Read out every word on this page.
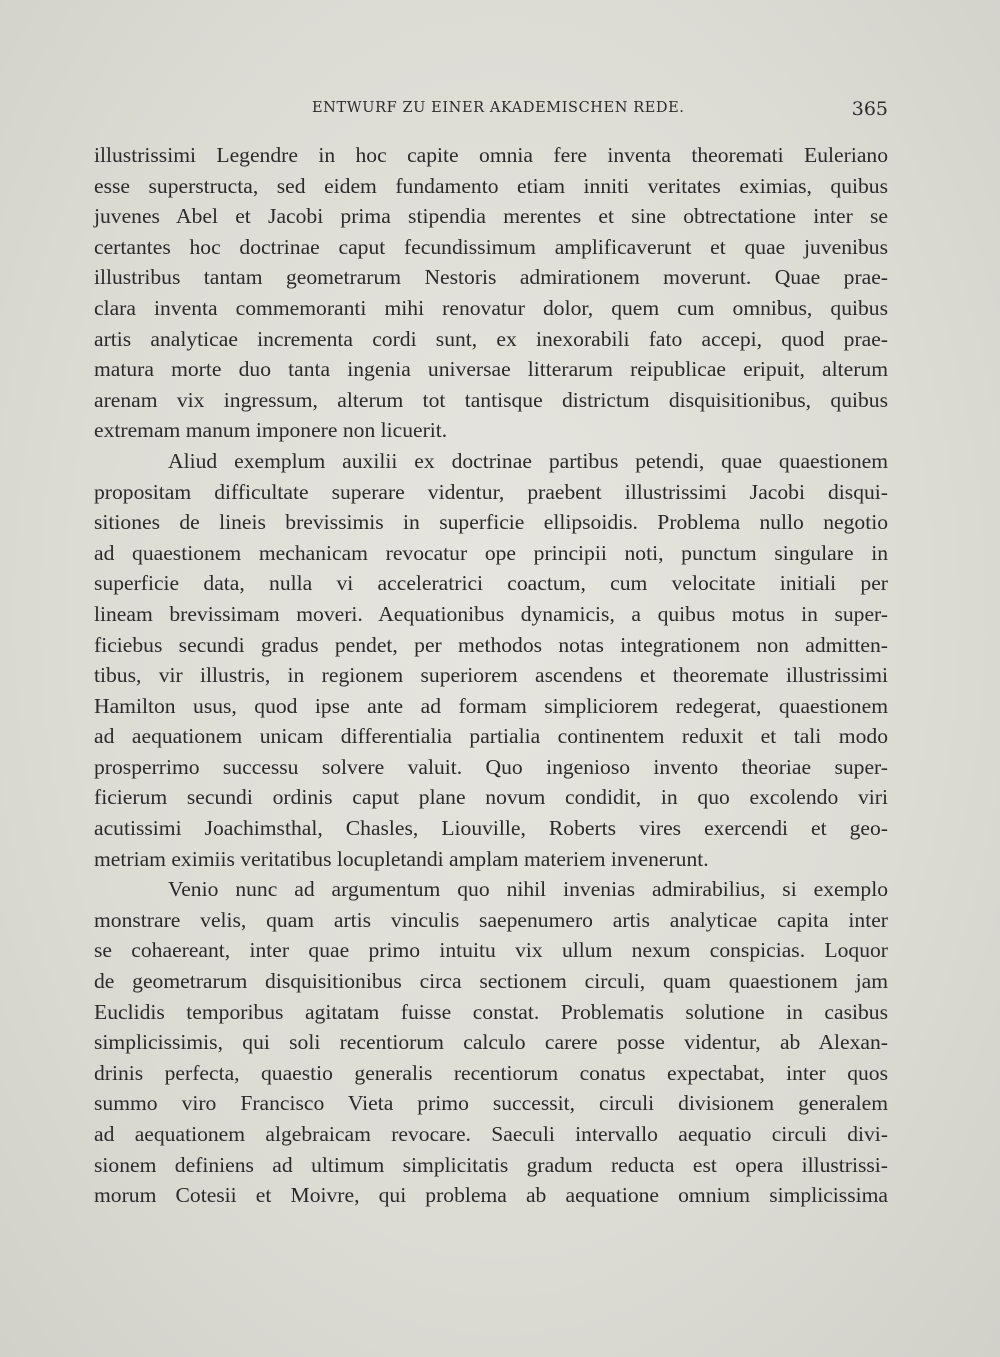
ENTWURF ZU EINER AKADEMISCHEN REDE.	365
illustrissimi Legendre in hoc capite omnia fere inventa theoremati Euleriano
esse superstructa, sed eidem fundamento etiam inniti veritates eximias, quibus
juvenes Abel et Jacobi prima stipendia merentes et sine obtrectatione inter se
certantes hoc doctrinae caput fecundissimum amplificaverunt et quae juvenibus
illustribus tantam geometrarum Nestoris admirationem moverunt. Quae prae-
clara inventa commemoranti mihi renovatur dolor, quem cum omnibus, quibus
artis analyticae incrementa cordi sunt, ex inexorabili fato accepi, quod prae-
matura morte duo tanta ingenia universae litterarum reipublicae eripuit, alterum
arenam vix ingressum, alterum tot tantisque districtum disquisitionibus, quibus
extremam manum imponere non licuerit.
Aliud exemplum auxilii ex doctrinae partibus petendi, quae quaestionem
propositam difficultate superare videntur, praebent illustrissimi Jacobi disqui-
sitiones de lineis brevissimis in superficie ellipsoidis. Problema nullo negotio
ad quaestionem mechanicam revocatur ope principii noti, punctum singulare in
superficie data, nulla vi acceleratrici coactum, cum velocitate initiali per
lineam brevissimam moveri. Aequationibus dynamicis, a quibus motus in super-
ficiebus secundi gradus pendet, per methodos notas integrationem non admitten-
tibus, vir illustris, in regionem superiorem ascendens et theoremate illustrissimi
Hamilton usus, quod ipse ante ad formam simpliciorem redegerat, quaestionem
ad aequationem unicam differentialia partialia continentem reduxit et tali modo
prosperrimo successu solvere valuit. Quo ingenioso invento theoriae super-
ficierum secundi ordinis caput plane novum condidit, in quo excolendo viri
acutissimi Joachimsthal, Chasles, Liouville, Roberts vires exercendi et geo-
metriam eximiis veritatibus locupletandi amplam materiem invenerunt.
Venio nunc ad argumentum quo nihil invenias admirabilius, si exemplo
monstrare velis, quam artis vinculis saepenumero artis analyticae capita inter
se cohaereant, inter quae primo intuitu vix ullum nexum conspicias. Loquor
de geometrarum disquisitionibus circa sectionem circuli, quam quaestionem jam
Euclidis temporibus agitatam fuisse constat. Problematis solutione in casibus
simplicissimis, qui soli recentiorum calculo carere posse videntur, ab Alexan-
drinis perfecta, quaestio generalis recentiorum conatus expectabat, inter quos
summo viro Francisco Vieta primo successit, circuli divisionem generalem
ad aequationem algebraicam revocare. Saeculi intervallo aequatio circuli divi-
sionem definiens ad ultimum simplicitatis gradum reducta est opera illustrissi-
morum Cotesii et Moivre, qui problema ab aequatione omnium simplicissima
